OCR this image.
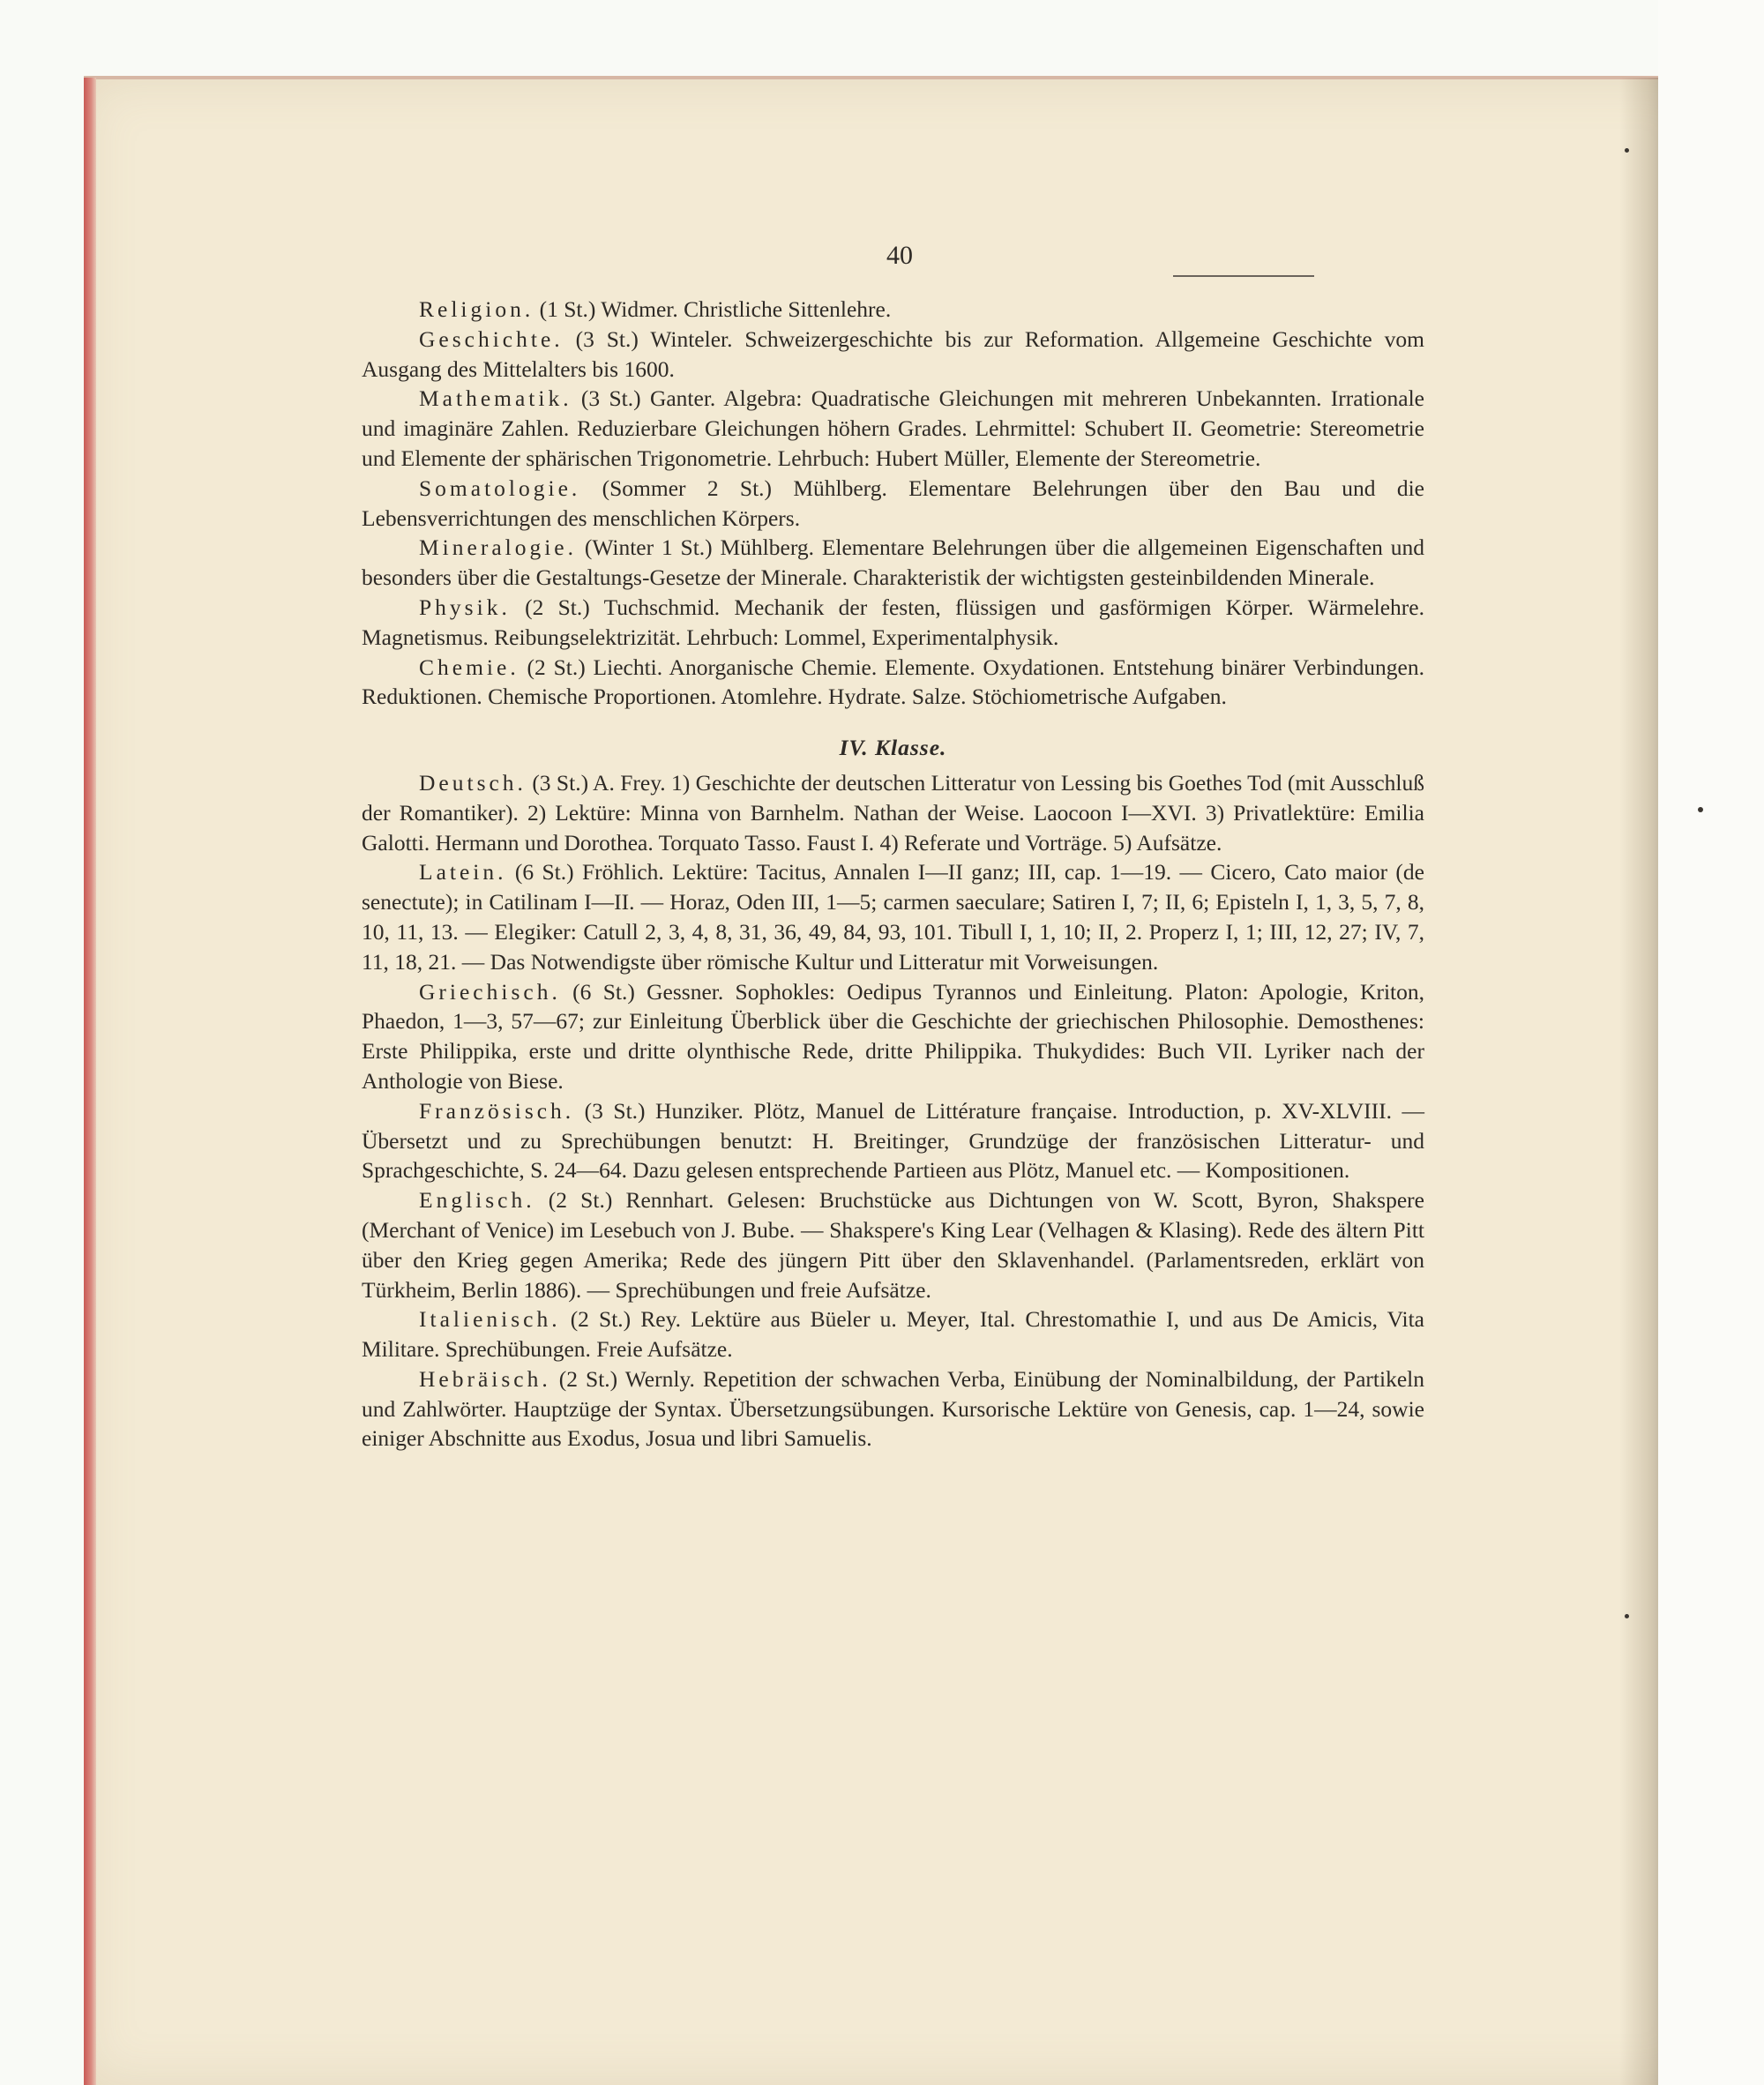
40

Religion. (1 St.) Widmer. Christliche Sittenlehre.

Geschichte. (3 St.) Winteler. Schweizergeschichte bis zur Reformation. Allgemeine Geschichte vom Ausgang des Mittelalters bis 1600.

Mathematik. (3 St.) Ganter. Algebra: Quadratische Gleichungen mit mehreren Unbekannten. Irrationale und imaginäre Zahlen. Reduzierbare Gleichungen höhern Grades. Lehrmittel: Schubert II. Geometrie: Stereometrie und Elemente der sphärischen Trigonometrie. Lehrbuch: Hubert Müller, Elemente der Stereometrie.

Somatologie. (Sommer 2 St.) Mühlberg. Elementare Belehrungen über den Bau und die Lebensverrichtungen des menschlichen Körpers.

Mineralogie. (Winter 1 St.) Mühlberg. Elementare Belehrungen über die allgemeinen Eigenschaften und besonders über die Gestaltungs-Gesetze der Minerale. Charakteristik der wichtigsten gesteinbildenden Minerale.

Physik. (2 St.) Tuchschmid. Mechanik der festen, flüssigen und gasförmigen Körper. Wärmelehre. Magnetismus. Reibungselektrizität. Lehrbuch: Lommel, Experimentalphysik.

Chemie. (2 St.) Liechti. Anorganische Chemie. Elemente. Oxydationen. Entstehung binärer Verbindungen. Reduktionen. Chemische Proportionen. Atomlehre. Hydrate. Salze. Stöchiometrische Aufgaben.

IV. Klasse.

Deutsch. (3 St.) A. Frey. 1) Geschichte der deutschen Litteratur von Lessing bis Goethes Tod (mit Ausschluß der Romantiker). 2) Lektüre: Minna von Barnhelm. Nathan der Weise. Laocoon I—XVI. 3) Privatlektüre: Emilia Galotti. Hermann und Dorothea. Torquato Tasso. Faust I. 4) Referate und Vorträge. 5) Aufsätze.

Latein. (6 St.) Fröhlich. Lektüre: Tacitus, Annalen I—II ganz; III, cap. 1—19. — Cicero, Cato maior (de senectute); in Catilinam I—II. — Horaz, Oden III, 1—5; carmen saeculare; Satiren I, 7; II, 6; Episteln I, 1, 3, 5, 7, 8, 10, 11, 13. — Elegiker: Catull 2, 3, 4, 8, 31, 36, 49, 84, 93, 101. Tibull I, 1, 10; II, 2. Properz I, 1; III, 12, 27; IV, 7, 11, 18, 21. — Das Notwendigste über römische Kultur und Litteratur mit Vorweisungen.

Griechisch. (6 St.) Gessner. Sophokles: Oedipus Tyrannos und Einleitung. Platon: Apologie, Kriton, Phaedon, 1—3, 57—67; zur Einleitung Überblick über die Geschichte der griechischen Philosophie. Demosthenes: Erste Philippika, erste und dritte olynthische Rede, dritte Philippika. Thukydides: Buch VII. Lyriker nach der Anthologie von Biese.

Französisch. (3 St.) Hunziker. Plötz, Manuel de Littérature française. Introduction, p. XV-XLVIII. — Übersetzt und zu Sprechübungen benutzt: H. Breitinger, Grundzüge der französischen Litteratur- und Sprachgeschichte, S. 24—64. Dazu gelesen entsprechende Partieen aus Plötz, Manuel etc. — Kompositionen.

Englisch. (2 St.) Rennhart. Gelesen: Bruchstücke aus Dichtungen von W. Scott, Byron, Shakspere (Merchant of Venice) im Lesebuch von J. Bube. — Shakspere's King Lear (Velhagen & Klasing). Rede des ältern Pitt über den Krieg gegen Amerika; Rede des jüngern Pitt über den Sklavenhandel. (Parlamentsreden, erklärt von Türkheim, Berlin 1886). — Sprechübungen und freie Aufsätze.

Italienisch. (2 St.) Rey. Lektüre aus Büeler u. Meyer, Ital. Chrestomathie I, und aus De Amicis, Vita Militare. Sprechübungen. Freie Aufsätze.

Hebräisch. (2 St.) Wernly. Repetition der schwachen Verba, Einübung der Nominalbildung, der Partikeln und Zahlwörter. Hauptzüge der Syntax. Übersetzungsübungen. Kursorische Lektüre von Genesis, cap. 1—24, sowie einiger Abschnitte aus Exodus, Josua und libri Samuelis.
